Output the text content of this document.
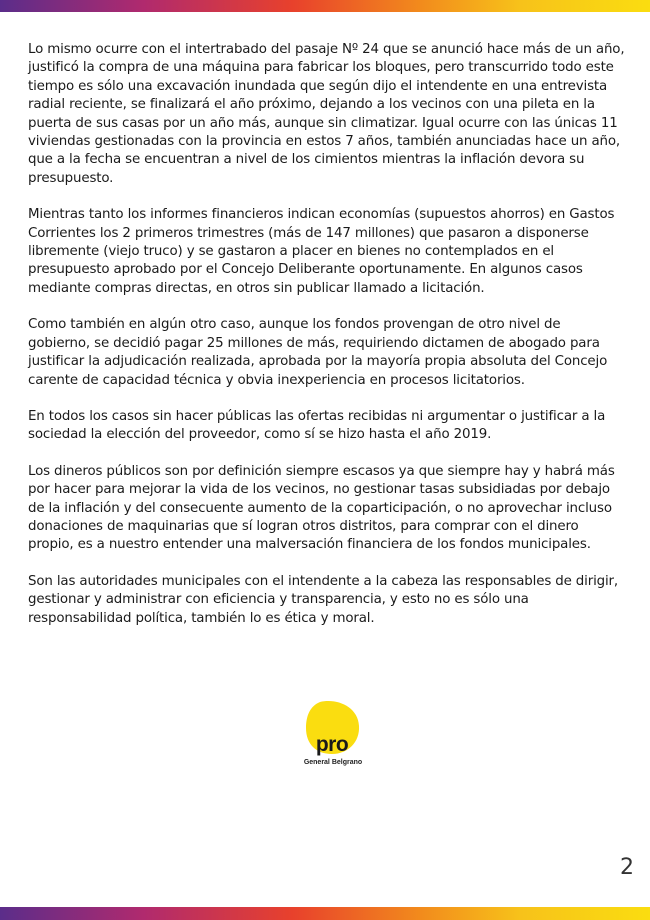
Lo mismo ocurre con el intertrabado del pasaje Nº 24 que se anunció hace más de un año, justificó la compra de una máquina para fabricar los bloques, pero transcurrido todo este tiempo es sólo una excavación inundada que según dijo el intendente en una entrevista radial reciente, se finalizará el año próximo, dejando a los vecinos con una pileta en la puerta de sus casas por un año más, aunque sin climatizar. Igual ocurre con las únicas 11 viviendas gestionadas con la provincia en estos 7 años, también anunciadas hace un año, que a la fecha se encuentran a nivel de los cimientos mientras la inflación devora su presupuesto.

Mientras tanto los informes financieros indican economías (supuestos ahorros) en Gastos Corrientes los 2 primeros trimestres (más de 147 millones) que pasaron a disponerse libremente (viejo truco) y se gastaron a placer en bienes no contemplados en el presupuesto aprobado por el Concejo Deliberante oportunamente. En algunos casos mediante compras directas, en otros sin publicar llamado a licitación.

Como también en algún otro caso, aunque los fondos provengan de otro nivel de gobierno, se decidió pagar 25 millones de más, requiriendo dictamen de abogado para justificar la adjudicación realizada, aprobada por la mayoría propia absoluta del Concejo carente de capacidad técnica y obvia inexperiencia en procesos licitatorios.

En todos los casos sin hacer públicas las ofertas recibidas ni argumentar o justificar a la sociedad la elección del proveedor, como sí se hizo hasta el año 2019.

Los dineros públicos son por definición siempre escasos ya que siempre hay y habrá más por hacer para mejorar la vida de los vecinos, no gestionar tasas subsidiadas por debajo de la inflación y del consecuente aumento de la coparticipación, o no aprovechar incluso donaciones de maquinarias que sí logran otros distritos, para comprar con el dinero propio, es a nuestro entender una malversación financiera de los fondos municipales.

Son las autoridades municipales con el intendente a la cabeza las responsables de dirigir, gestionar y administrar con eficiencia y transparencia, y esto no es sólo una responsabilidad política, también lo es ética y moral.

pro
General Belgrano
2
